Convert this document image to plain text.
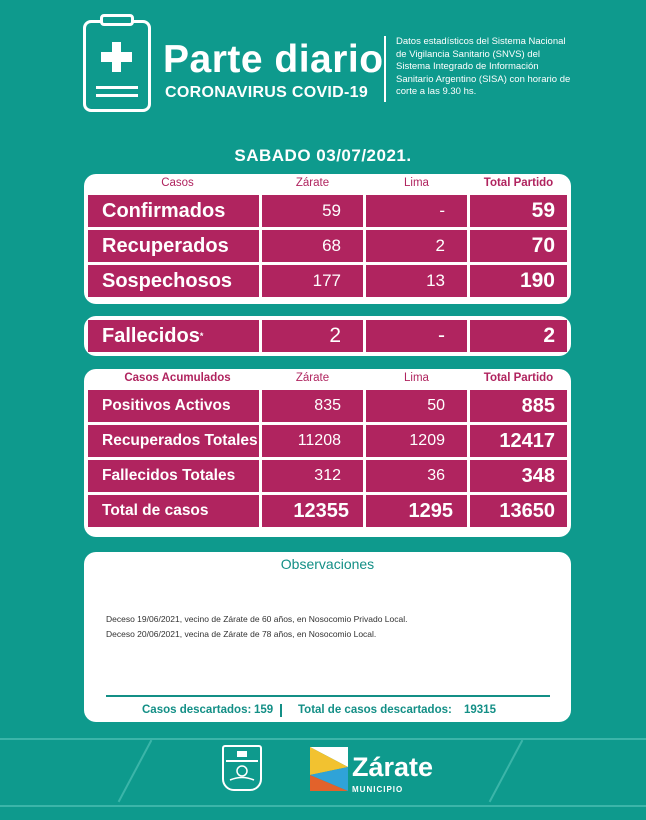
Parte diario
CORONAVIRUS COVID-19
Datos estadísticos del Sistema Nacional de Vigilancia Sanitario (SNVS) del Sistema Integrado de Información Sanitario Argentino (SISA) con horario de corte a las 9.30 hs.
SABADO 03/07/2021.
Casos	Zárate	Lima	Total Partido
Confirmados	59	-	59
Recuperados	68	2	70
Sospechosos	177	13	190
Fallecidos *	2	-	2
Casos Acumulados	Zárate	Lima	Total Partido
Positivos Activos	835	50	885
Recuperados Totales	11208	1209	12417
Fallecidos Totales	312	36	348
Total de casos	12355	1295	13650
Observaciones
Deceso 19/06/2021, vecino de Zárate de 60 años, en Nosocomio Privado Local.
Deceso 20/06/2021, vecina de Zárate de 78 años, en Nosocomio Local.
Casos descartados: 159 Total de casos descartados: 19315
Zárate
MUNICIPIO
